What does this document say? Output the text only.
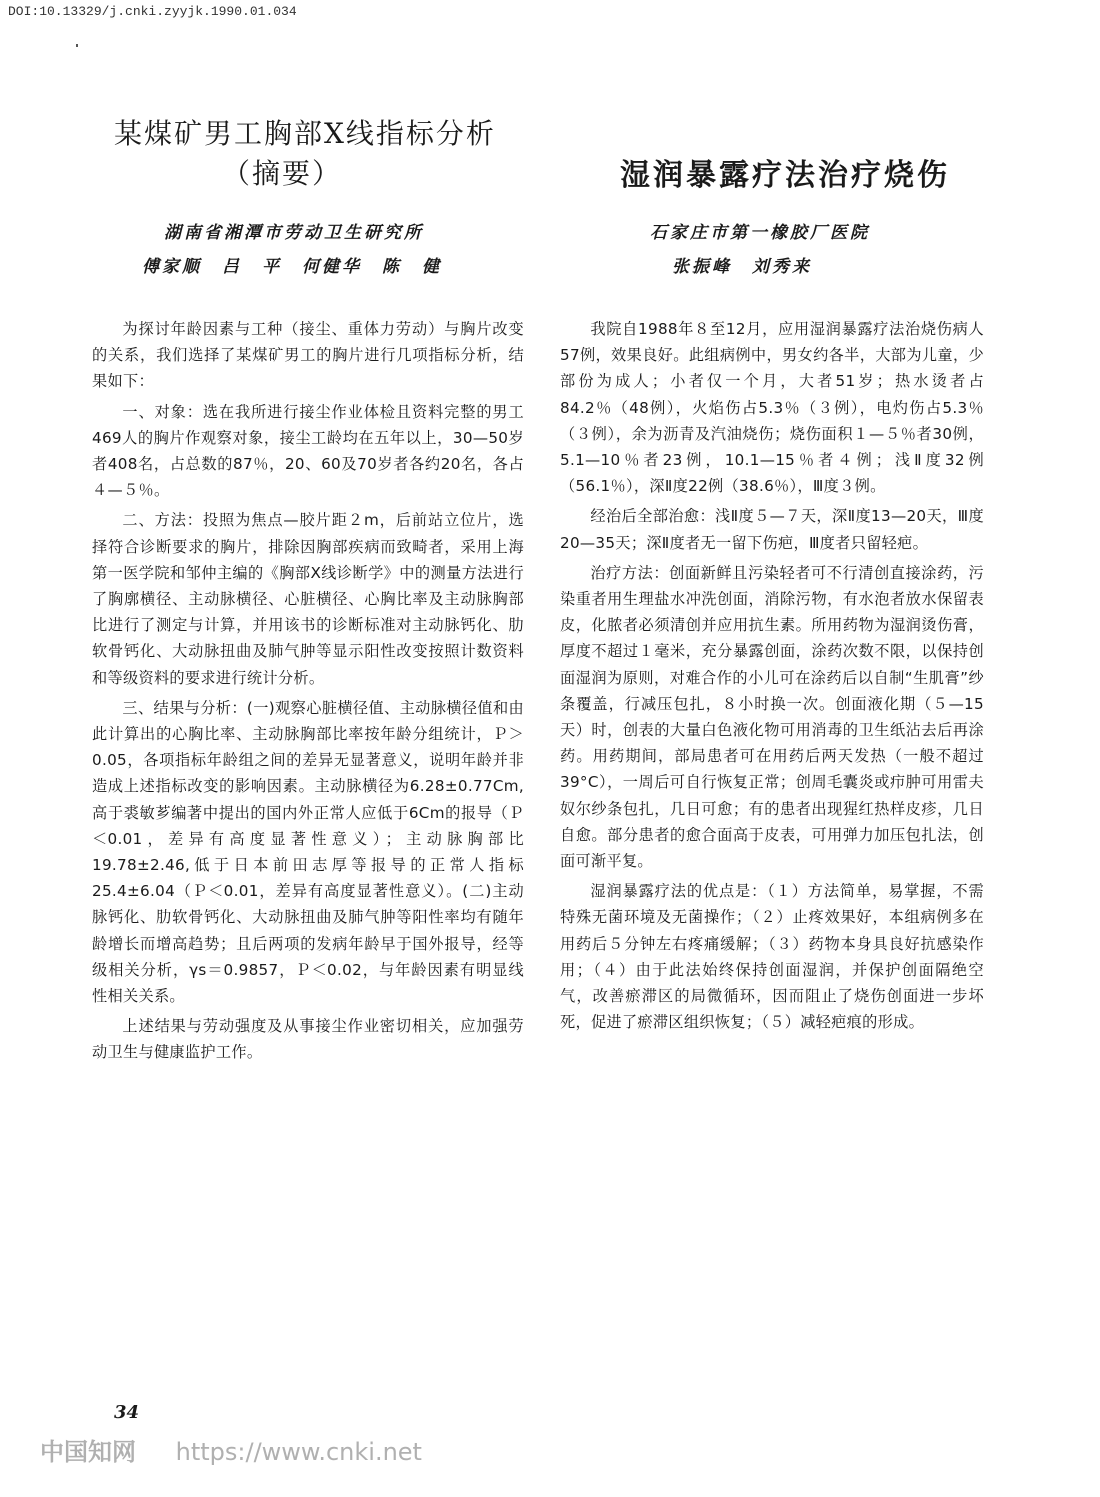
DOI:10.13329/j.cnki.zyyjk.1990.01.034
某煤矿男工胸部X线指标分析
（摘要）
湖南省湘潭市劳动卫生研究所
傅家顺　吕　平　何健华　陈　健

为探讨年龄因素与工种（接尘、重体力劳动）与胸片改变的关系，我们选择了某煤矿男工的胸片进行几项指标分析，结果如下：

一、对象：选在我所进行接尘作业体检且资料完整的男工469人的胸片作观察对象，接尘工龄均在五年以上，30—50岁者408名，占总数的87％，20、60及70岁者各约20名，各占４—５％。

二、方法：投照为焦点—胶片距２m，后前站立位片，选择符合诊断要求的胸片，排除因胸部疾病而致畸者，采用上海第一医学院和邹仲主编的《胸部X线诊断学》中的测量方法进行了胸廓横径、主动脉横径、心脏横径、心胸比率及主动脉胸部比进行了测定与计算，并用该书的诊断标准对主动脉钙化、肋软骨钙化、大动脉扭曲及肺气肿等显示阳性改变按照计数资料和等级资料的要求进行统计分析。

三、结果与分析：(一)观察心脏横径值、主动脉横径值和由此计算出的心胸比率、主动脉胸部比率按年龄分组统计，Ｐ＞0.05，各项指标年龄组之间的差异无显著意义，说明年龄并非造成上述指标改变的影响因素。主动脉横径为6.28±0.77Cm,高于裘敏芗编著中提出的国内外正常人应低于6Cm的报导（Ｐ＜0.01，差异有高度显著性意义）；主动脉胸部比19.78±2.46,低于日本前田志厚等报导的正常人指标25.4±6.04（Ｐ＜0.01，差异有高度显著性意义）。(二)主动脉钙化、肋软骨钙化、大动脉扭曲及肺气肿等阳性率均有随年龄增长而增高趋势；且后两项的发病年龄早于国外报导，经等级相关分析，γs＝0.9857，Ｐ＜0.02，与年龄因素有明显线性相关关系。

上述结果与劳动强度及从事接尘作业密切相关，应加强劳动卫生与健康监护工作。

湿润暴露疗法治疗烧伤
石家庄市第一橡胶厂医院
张振峰　刘秀来

我院自1988年８至12月，应用湿润暴露疗法治烧伤病人57例，效果良好。此组病例中，男女约各半，大部为儿童，少部份为成人；小者仅一个月，大者51岁；热水烫者占84.2％（48例），火焰伤占5.3％（３例），电灼伤占5.3％（３例），余为沥青及汽油烧伤；烧伤面积１—５％者30例，5.1—10％者23例，10.1—15％者４例；浅Ⅱ度32例（56.1％），深Ⅱ度22例（38.6％），Ⅲ度３例。

经治后全部治愈：浅Ⅱ度５—７天，深Ⅱ度13—20天，Ⅲ度20—35天；深Ⅱ度者无一留下伤疤，Ⅲ度者只留轻疤。

治疗方法：创面新鲜且污染轻者可不行清创直接涂药，污染重者用生理盐水冲洗创面，消除污物，有水泡者放水保留表皮，化脓者必须清创并应用抗生素。所用药物为湿润烫伤膏，厚度不超过１毫米，充分暴露创面，涂药次数不限，以保持创面湿润为原则，对难合作的小儿可在涂药后以自制“生肌膏”纱条覆盖，行减压包扎，８小时换一次。创面液化期（５—15天）时，创表的大量白色液化物可用消毒的卫生纸沾去后再涂药。用药期间，部局患者可在用药后两天发热（一般不超过39°C），一周后可自行恢复正常；创周毛囊炎或疖肿可用雷夫奴尔纱条包扎，几日可愈；有的患者出现猩红热样皮疹，几日自愈。部分患者的愈合面高于皮表，可用弹力加压包扎法，创面可渐平复。

湿润暴露疗法的优点是：（１）方法简单，易掌握，不需特殊无菌环境及无菌操作；（２）止疼效果好，本组病例多在用药后５分钟左右疼痛缓解；（３）药物本身具良好抗感染作用；（４）由于此法始终保持创面湿润，并保护创面隔绝空气，改善瘀滞区的局微循环，因而阻止了烧伤创面进一步坏死，促进了瘀滞区组织恢复；（５）减轻疤痕的形成。

34
中国知网 https://www.cnki.net
